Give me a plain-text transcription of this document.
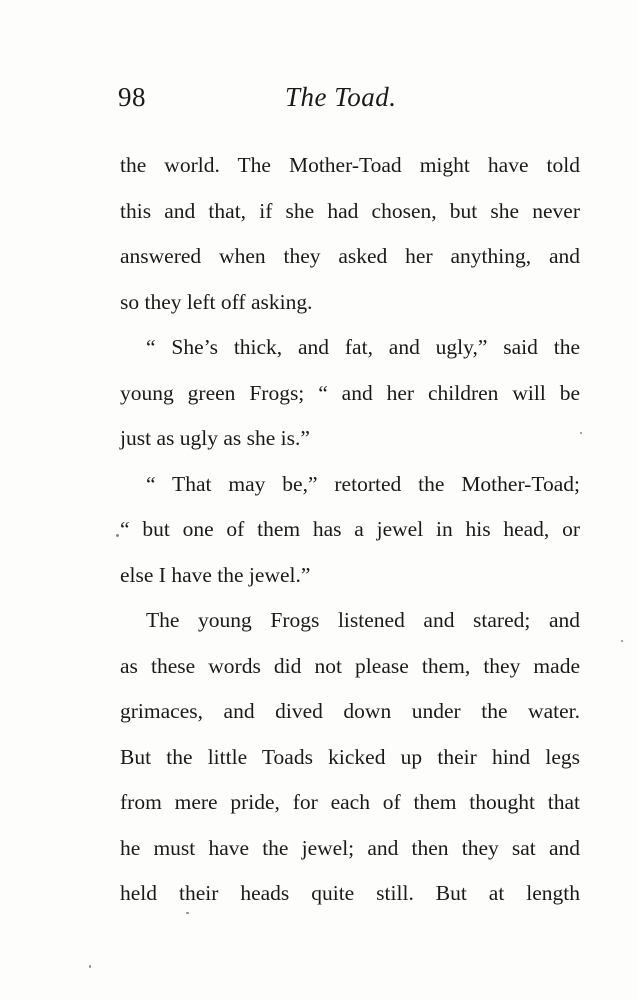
98	The Toad.
the world. The Mother-Toad might have told
this and that, if she had chosen, but she never
answered when they asked her anything, and
so they left off asking.
“ She’s thick, and fat, and ugly,” said the
young green Frogs; “ and her children will be
just as ugly as she is.”
“ That may be,” retorted the Mother-Toad;
“ but one of them has a jewel in his head, or
else I have the jewel.”
The young Frogs listened and stared; and
as these words did not please them, they made
grimaces, and dived down under the water.
But the little Toads kicked up their hind legs
from mere pride, for each of them thought that
he must have the jewel; and then they sat and
held their heads quite still. But at length
